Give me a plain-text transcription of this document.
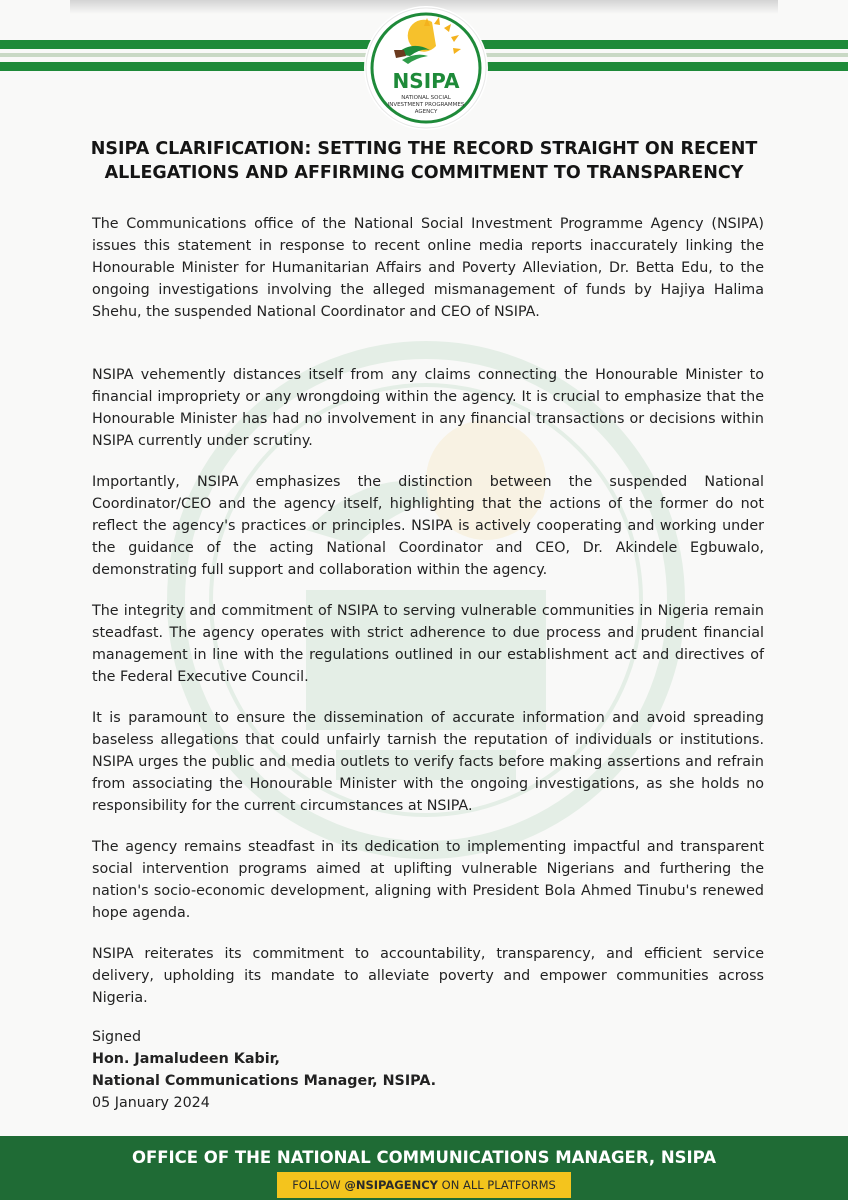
NSIPA
NATIONAL SOCIAL
INVESTMENT PROGRAMMES
AGENCY
NSIPA CLARIFICATION: SETTING THE RECORD STRAIGHT ON RECENT
ALLEGATIONS AND AFFIRMING COMMITMENT TO TRANSPARENCY

The Communications office of the National Social Investment Programme Agency (NSIPA) issues this statement in response to recent online media reports inaccurately linking the Honourable Minister for Humanitarian Affairs and Poverty Alleviation, Dr. Betta Edu, to the ongoing investigations involving the alleged mismanagement of funds by Hajiya Halima Shehu, the suspended National Coordinator and CEO of NSIPA.

NSIPA vehemently distances itself from any claims connecting the Honourable Minister to financial impropriety or any wrongdoing within the agency. It is crucial to emphasize that the Honourable Minister has had no involvement in any financial transactions or decisions within NSIPA currently under scrutiny.

Importantly, NSIPA emphasizes the distinction between the suspended National Coordinator/CEO and the agency itself, highlighting that the actions of the former do not reflect the agency's practices or principles. NSIPA is actively cooperating and working under the guidance of the acting National Coordinator and CEO, Dr. Akindele Egbuwalo, demonstrating full support and collaboration within the agency.

The integrity and commitment of NSIPA to serving vulnerable communities in Nigeria remain steadfast. The agency operates with strict adherence to due process and prudent financial management in line with the regulations outlined in our establishment act and directives of the Federal Executive Council.

It is paramount to ensure the dissemination of accurate information and avoid spreading baseless allegations that could unfairly tarnish the reputation of individuals or institutions. NSIPA urges the public and media outlets to verify facts before making assertions and refrain from associating the Honourable Minister with the ongoing investigations, as she holds no responsibility for the current circumstances at NSIPA.

The agency remains steadfast in its dedication to implementing impactful and transparent social intervention programs aimed at uplifting vulnerable Nigerians and furthering the nation's socio-economic development, aligning with President Bola Ahmed Tinubu's renewed hope agenda.

NSIPA reiterates its commitment to accountability, transparency, and efficient service delivery, upholding its mandate to alleviate poverty and empower communities across Nigeria.

Signed
Hon. Jamaludeen Kabir,
National Communications Manager, NSIPA.
05 January 2024
OFFICE OF THE NATIONAL COMMUNICATIONS MANAGER, NSIPA
FOLLOW @NSIPAGENCY ON ALL PLATFORMS
